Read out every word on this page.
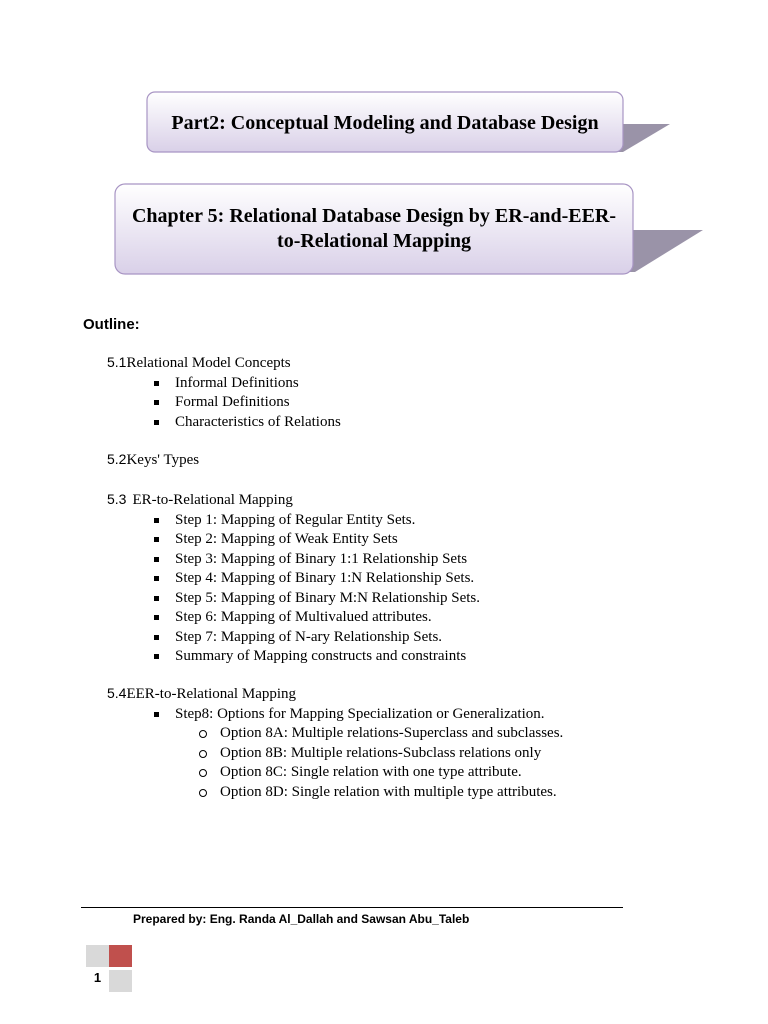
Part2: Conceptual Modeling and Database Design
Chapter 5: Relational Database Design by ER-and-EER-to-Relational Mapping
Outline:
5.1Relational Model Concepts
Informal Definitions
Formal Definitions
Characteristics of Relations
5.2Keys' Types
5.3 ER-to-Relational Mapping
Step 1: Mapping of Regular Entity Sets.
Step 2: Mapping of Weak Entity Sets
Step 3: Mapping of Binary 1:1 Relationship Sets
Step 4: Mapping of Binary 1:N Relationship Sets.
Step 5: Mapping of Binary M:N Relationship Sets.
Step 6: Mapping of Multivalued attributes.
Step 7: Mapping of N-ary Relationship Sets.
Summary of Mapping constructs and constraints
5.4EER-to-Relational Mapping
Step8: Options for Mapping Specialization or Generalization.
Option 8A: Multiple relations-Superclass and subclasses.
Option 8B: Multiple relations-Subclass relations only
Option 8C: Single relation with one type attribute.
Option 8D: Single relation with multiple type attributes.
Prepared by: Eng. Randa Al_Dallah and Sawsan Abu_Taleb
1
